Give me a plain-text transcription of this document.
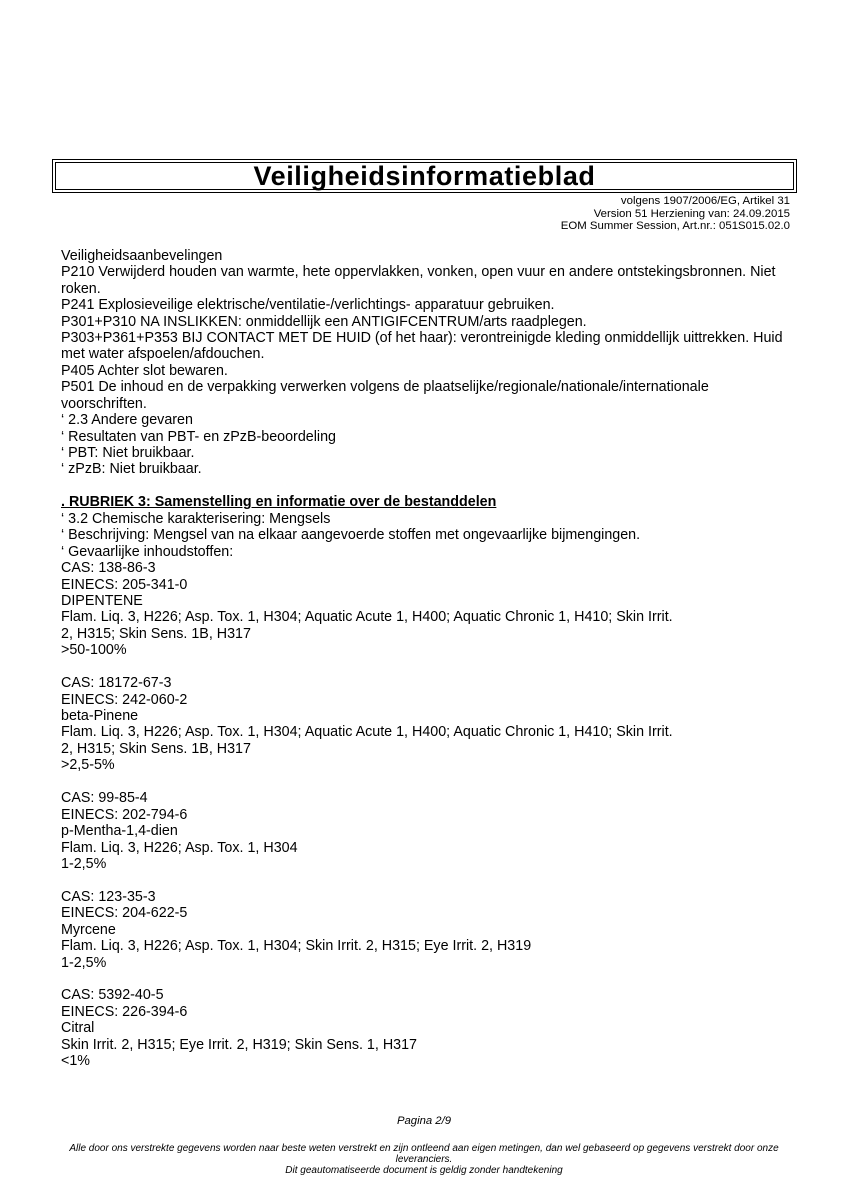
Veiligheidsinformatieblad
volgens 1907/2006/EG, Artikel 31
Version 51 Herziening van: 24.09.2015
EOM Summer Session, Art.nr.: 051S015.02.0
Veiligheidsaanbevelingen
P210 Verwijderd houden van warmte, hete oppervlakken, vonken, open vuur en andere ontstekingsbronnen. Niet
roken.
P241 Explosieveilige elektrische/ventilatie-/verlichtings- apparatuur gebruiken.
P301+P310 NA INSLIKKEN: onmiddellijk een ANTIGIFCENTRUM/arts raadplegen.
P303+P361+P353 BIJ CONTACT MET DE HUID (of het haar): verontreinigde kleding onmiddellijk uittrekken. Huid
met water afspoelen/afdouchen.
P405 Achter slot bewaren.
P501 De inhoud en de verpakking verwerken volgens de plaatselijke/regionale/nationale/internationale
voorschriften.
‘ 2.3 Andere gevaren
‘ Resultaten van PBT- en zPzB-beoordeling
‘ PBT: Niet bruikbaar.
‘ zPzB: Niet bruikbaar.
. RUBRIEK 3: Samenstelling en informatie over de bestanddelen
‘ 3.2 Chemische karakterisering: Mengsels
‘ Beschrijving: Mengsel van na elkaar aangevoerde stoffen met ongevaarlijke bijmengingen.
‘ Gevaarlijke inhoudstoffen:
CAS: 138-86-3
EINECS: 205-341-0
DIPENTENE
Flam. Liq. 3, H226; Asp. Tox. 1, H304; Aquatic Acute 1, H400; Aquatic Chronic 1, H410; Skin Irrit.
2, H315; Skin Sens. 1B, H317
>50-100%
CAS: 18172-67-3
EINECS: 242-060-2
beta-Pinene
Flam. Liq. 3, H226; Asp. Tox. 1, H304; Aquatic Acute 1, H400; Aquatic Chronic 1, H410; Skin Irrit.
2, H315; Skin Sens. 1B, H317
>2,5-5%
CAS: 99-85-4
EINECS: 202-794-6
p-Mentha-1,4-dien
Flam. Liq. 3, H226; Asp. Tox. 1, H304
1-2,5%
CAS: 123-35-3
EINECS: 204-622-5
Myrcene
Flam. Liq. 3, H226; Asp. Tox. 1, H304; Skin Irrit. 2, H315; Eye Irrit. 2, H319
1-2,5%
CAS: 5392-40-5
EINECS: 226-394-6
Citral
Skin Irrit. 2, H315; Eye Irrit. 2, H319; Skin Sens. 1, H317
<1%
Pagina 2/9
Alle door ons verstrekte gegevens worden naar beste weten verstrekt en zijn ontleend aan eigen metingen, dan wel gebaseerd op gegevens verstrekt door onze
leveranciers.
Dit geautomatiseerde document is geldig zonder handtekening
